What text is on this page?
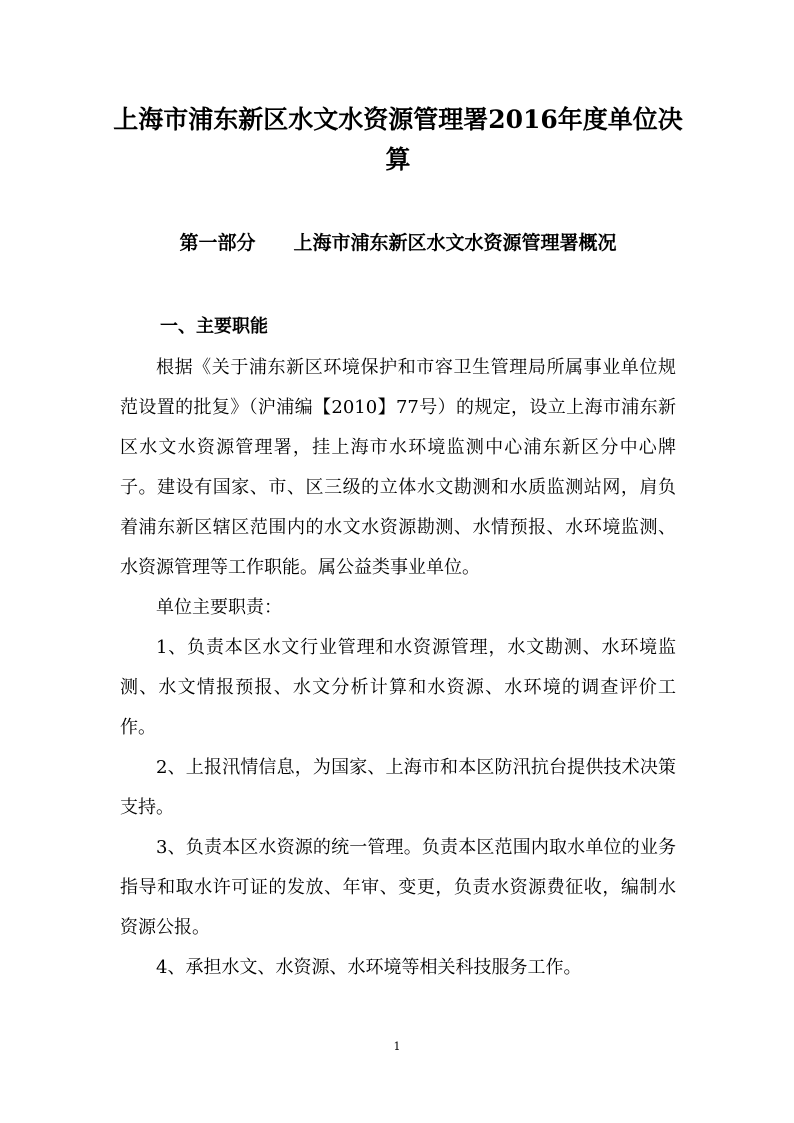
上海市浦东新区水文水资源管理署2016年度单位决算
第一部分　　上海市浦东新区水文水资源管理署概况
一、主要职能

根据《关于浦东新区环境保护和市容卫生管理局所属事业单位规范设置的批复》（沪浦编【2010】77号）的规定，设立上海市浦东新区水文水资源管理署，挂上海市水环境监测中心浦东新区分中心牌子。建设有国家、市、区三级的立体水文勘测和水质监测站网，肩负着浦东新区辖区范围内的水文水资源勘测、水情预报、水环境监测、水资源管理等工作职能。属公益类事业单位。

单位主要职责：

1、负责本区水文行业管理和水资源管理，水文勘测、水环境监测、水文情报预报、水文分析计算和水资源、水环境的调查评价工作。

2、上报汛情信息，为国家、上海市和本区防汛抗台提供技术决策支持。

3、负责本区水资源的统一管理。负责本区范围内取水单位的业务指导和取水许可证的发放、年审、变更，负责水资源费征收，编制水资源公报。

4、承担水文、水资源、水环境等相关科技服务工作。

1
